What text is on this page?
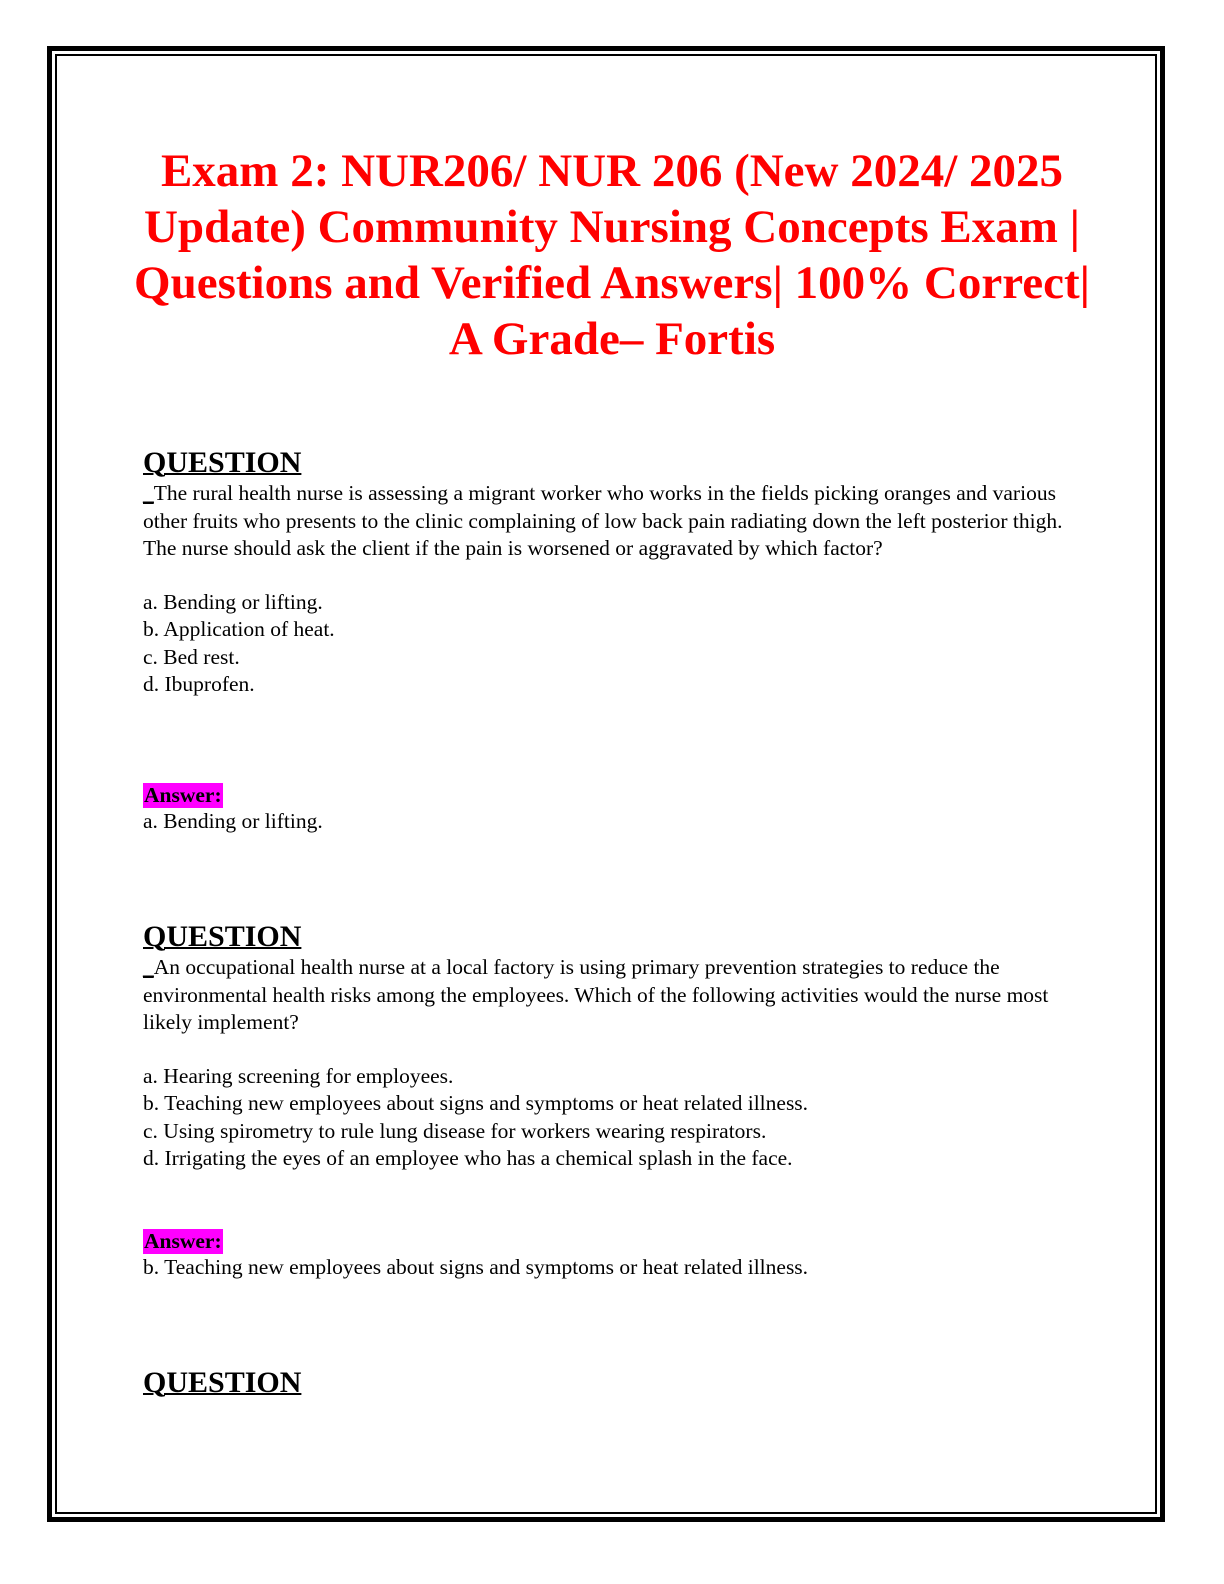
Exam 2: NUR206/ NUR 206 (New 2024/ 2025 Update) Community Nursing Concepts Exam | Questions and Verified Answers| 100% Correct| A Grade– Fortis

QUESTION

_The rural health nurse is assessing a migrant worker who works in the fields picking oranges and various other fruits who presents to the clinic complaining of low back pain radiating down the left posterior thigh. The nurse should ask the client if the pain is worsened or aggravated by which factor?

a. Bending or lifting.
b. Application of heat.
c. Bed rest.
d. Ibuprofen.
Answer:

a. Bending or lifting.

QUESTION

_An occupational health nurse at a local factory is using primary prevention strategies to reduce the environmental health risks among the employees. Which of the following activities would the nurse most likely implement?

a. Hearing screening for employees.
b. Teaching new employees about signs and symptoms or heat related illness.
c. Using spirometry to rule lung disease for workers wearing respirators.
d. Irrigating the eyes of an employee who has a chemical splash in the face.
Answer:

b. Teaching new employees about signs and symptoms or heat related illness.

QUESTION
